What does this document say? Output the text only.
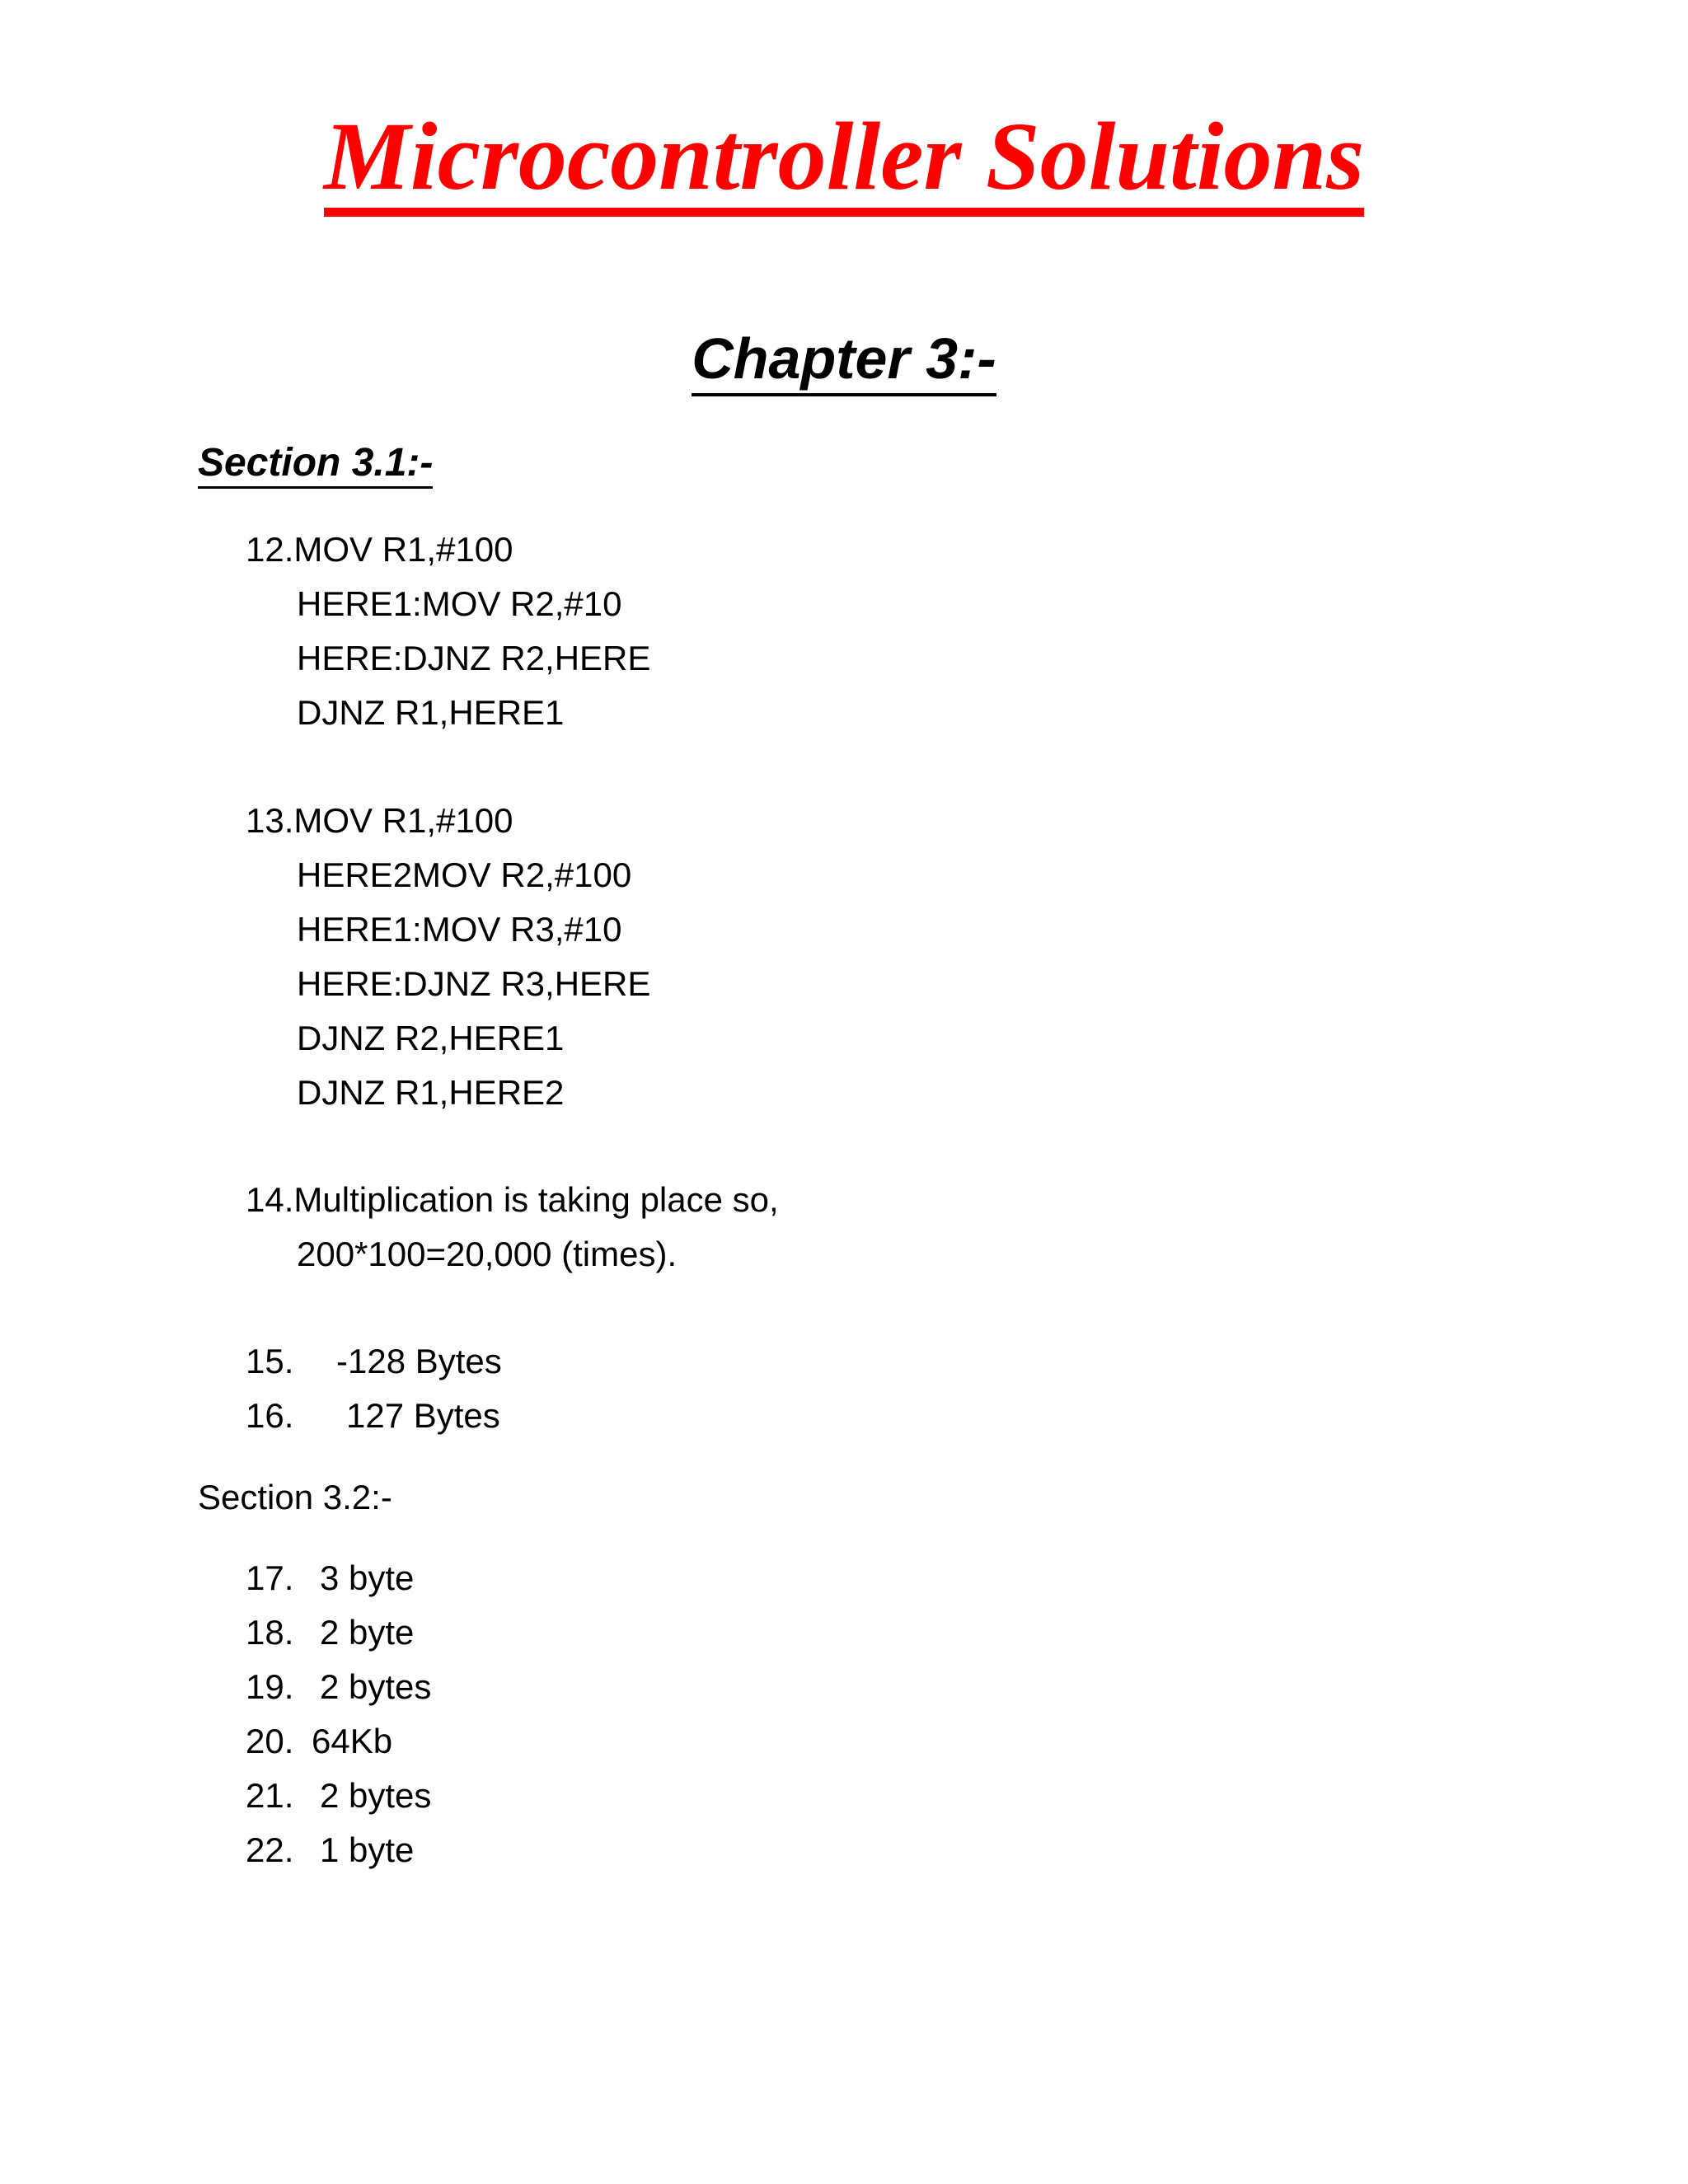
Microcontroller Solutions
Chapter 3:-
Section 3.1:-
12.MOV R1,#100
HERE1:MOV R2,#10
HERE:DJNZ R2,HERE
DJNZ R1,HERE1
13.MOV R1,#100
HERE2MOV R2,#100
HERE1:MOV R3,#10
HERE:DJNZ R3,HERE
DJNZ R2,HERE1
DJNZ R1,HERE2
14.Multiplication is taking place so,
200*100=20,000 (times).
15. -128 Bytes
16. 127 Bytes
Section 3.2:-
17. 3 byte
18. 2 byte
19. 2 bytes
20. 64Kb
21. 2 bytes
22. 1 byte
